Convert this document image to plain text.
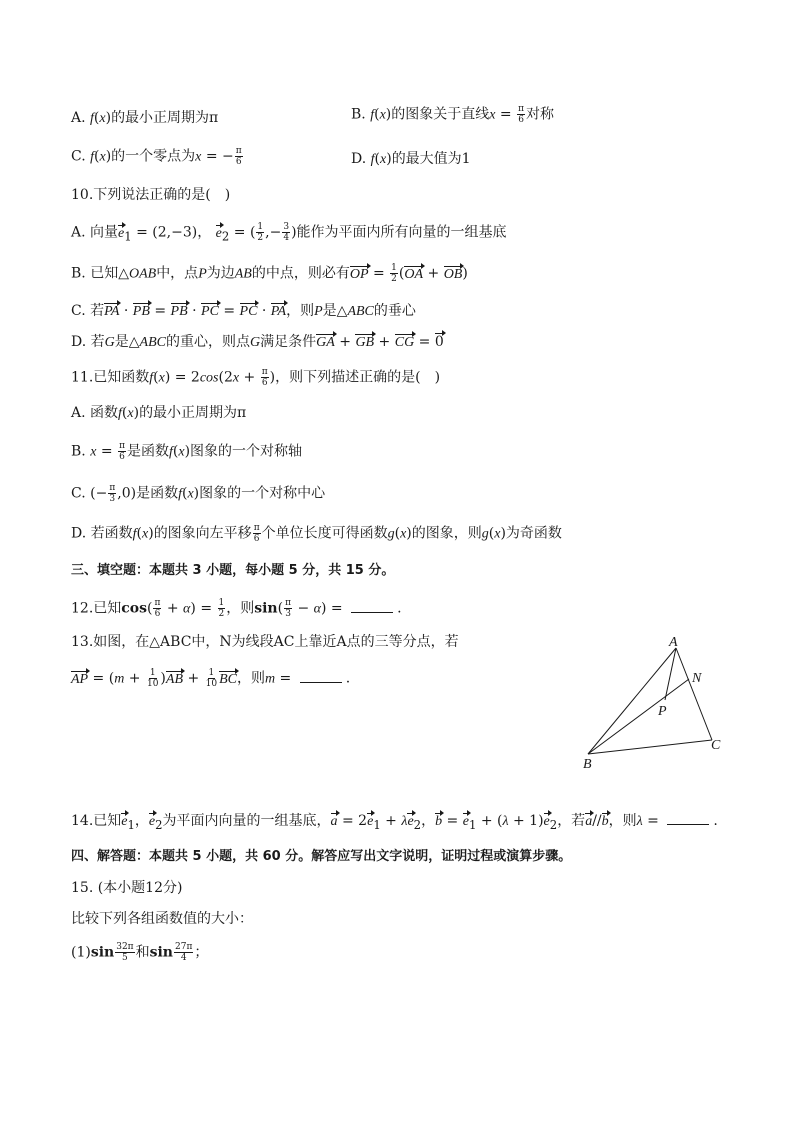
A. f(x)的最小正周期为π	B. f(x)的图象关于直线$x = \frac{\pi}{6}$ 对称
C. f(x)的一个零点为x = − $\frac{\pi}{6}$	D. f(x)的最大值为1
10.下列说法正确的是(　)
A. 向量$e_1 = (2,-3)$， $e_2$ = ( $\frac{1}{2}$ ,− $\frac{3}{4}$ )能作为平面内所有向量的一组基底
B. 已知△OAB中，点P为边AB的中点，则必有OP = $\frac{1}{2} (OA + OB)$
C. 若PA · PB = PB · PC = PC · PA，则P是△ABC的垂心
D. 若G是△ABC的重心，则点G满足条件GA + GB + CG = 0
11.已知函数$f(x) = 2\cos(2x + \frac{\pi}{6}$ )，则下列描述正确的是(　)
A. 函数f(x)的最小正周期为π
B. $x = \frac{\pi}{6}$ 是函数f(x)图象的一个对称轴
C. (− $\frac{\pi}{3} ,0$)是函数f(x)图象的一个对称中心
D. 若函数f(x)的图象向左平移 $\frac{\pi}{6}$ 个单位长度可得函数g(x)的图象，则g(x)为奇函数
三、填空题：本题共 3 小题，每小题 5 分，共 15 分。
12.已知$\cos( \frac{\pi}{6} + \alpha) = \frac{1}{2}$ ，则$\sin( \frac{\pi}{3} - \alpha)$ =	.
13.如图，在△ABC中，N为线段AC上靠近A点的三等分点，若
AP = $(m + \frac{1}{10} )AB + \frac{1}{10}$ BC，则m =	.
A
N
P
C
B
14.已知$e_1$，$e_2$为平面内向量的一组基底，$a = 2e_1 + \lambda e_2$，$b = e_1 + (\lambda + 1)e_2$，若a//b，则λ =	.
四、解答题：本题共 5 小题，共 60 分。解答应写出文字说明，证明过程或演算步骤。
15. (本小题12分)
比较下列各组函数值的大小：
$(1)\sin \frac{32\pi}{5}$ 和$\sin \frac{27\pi}{4}$ ；
